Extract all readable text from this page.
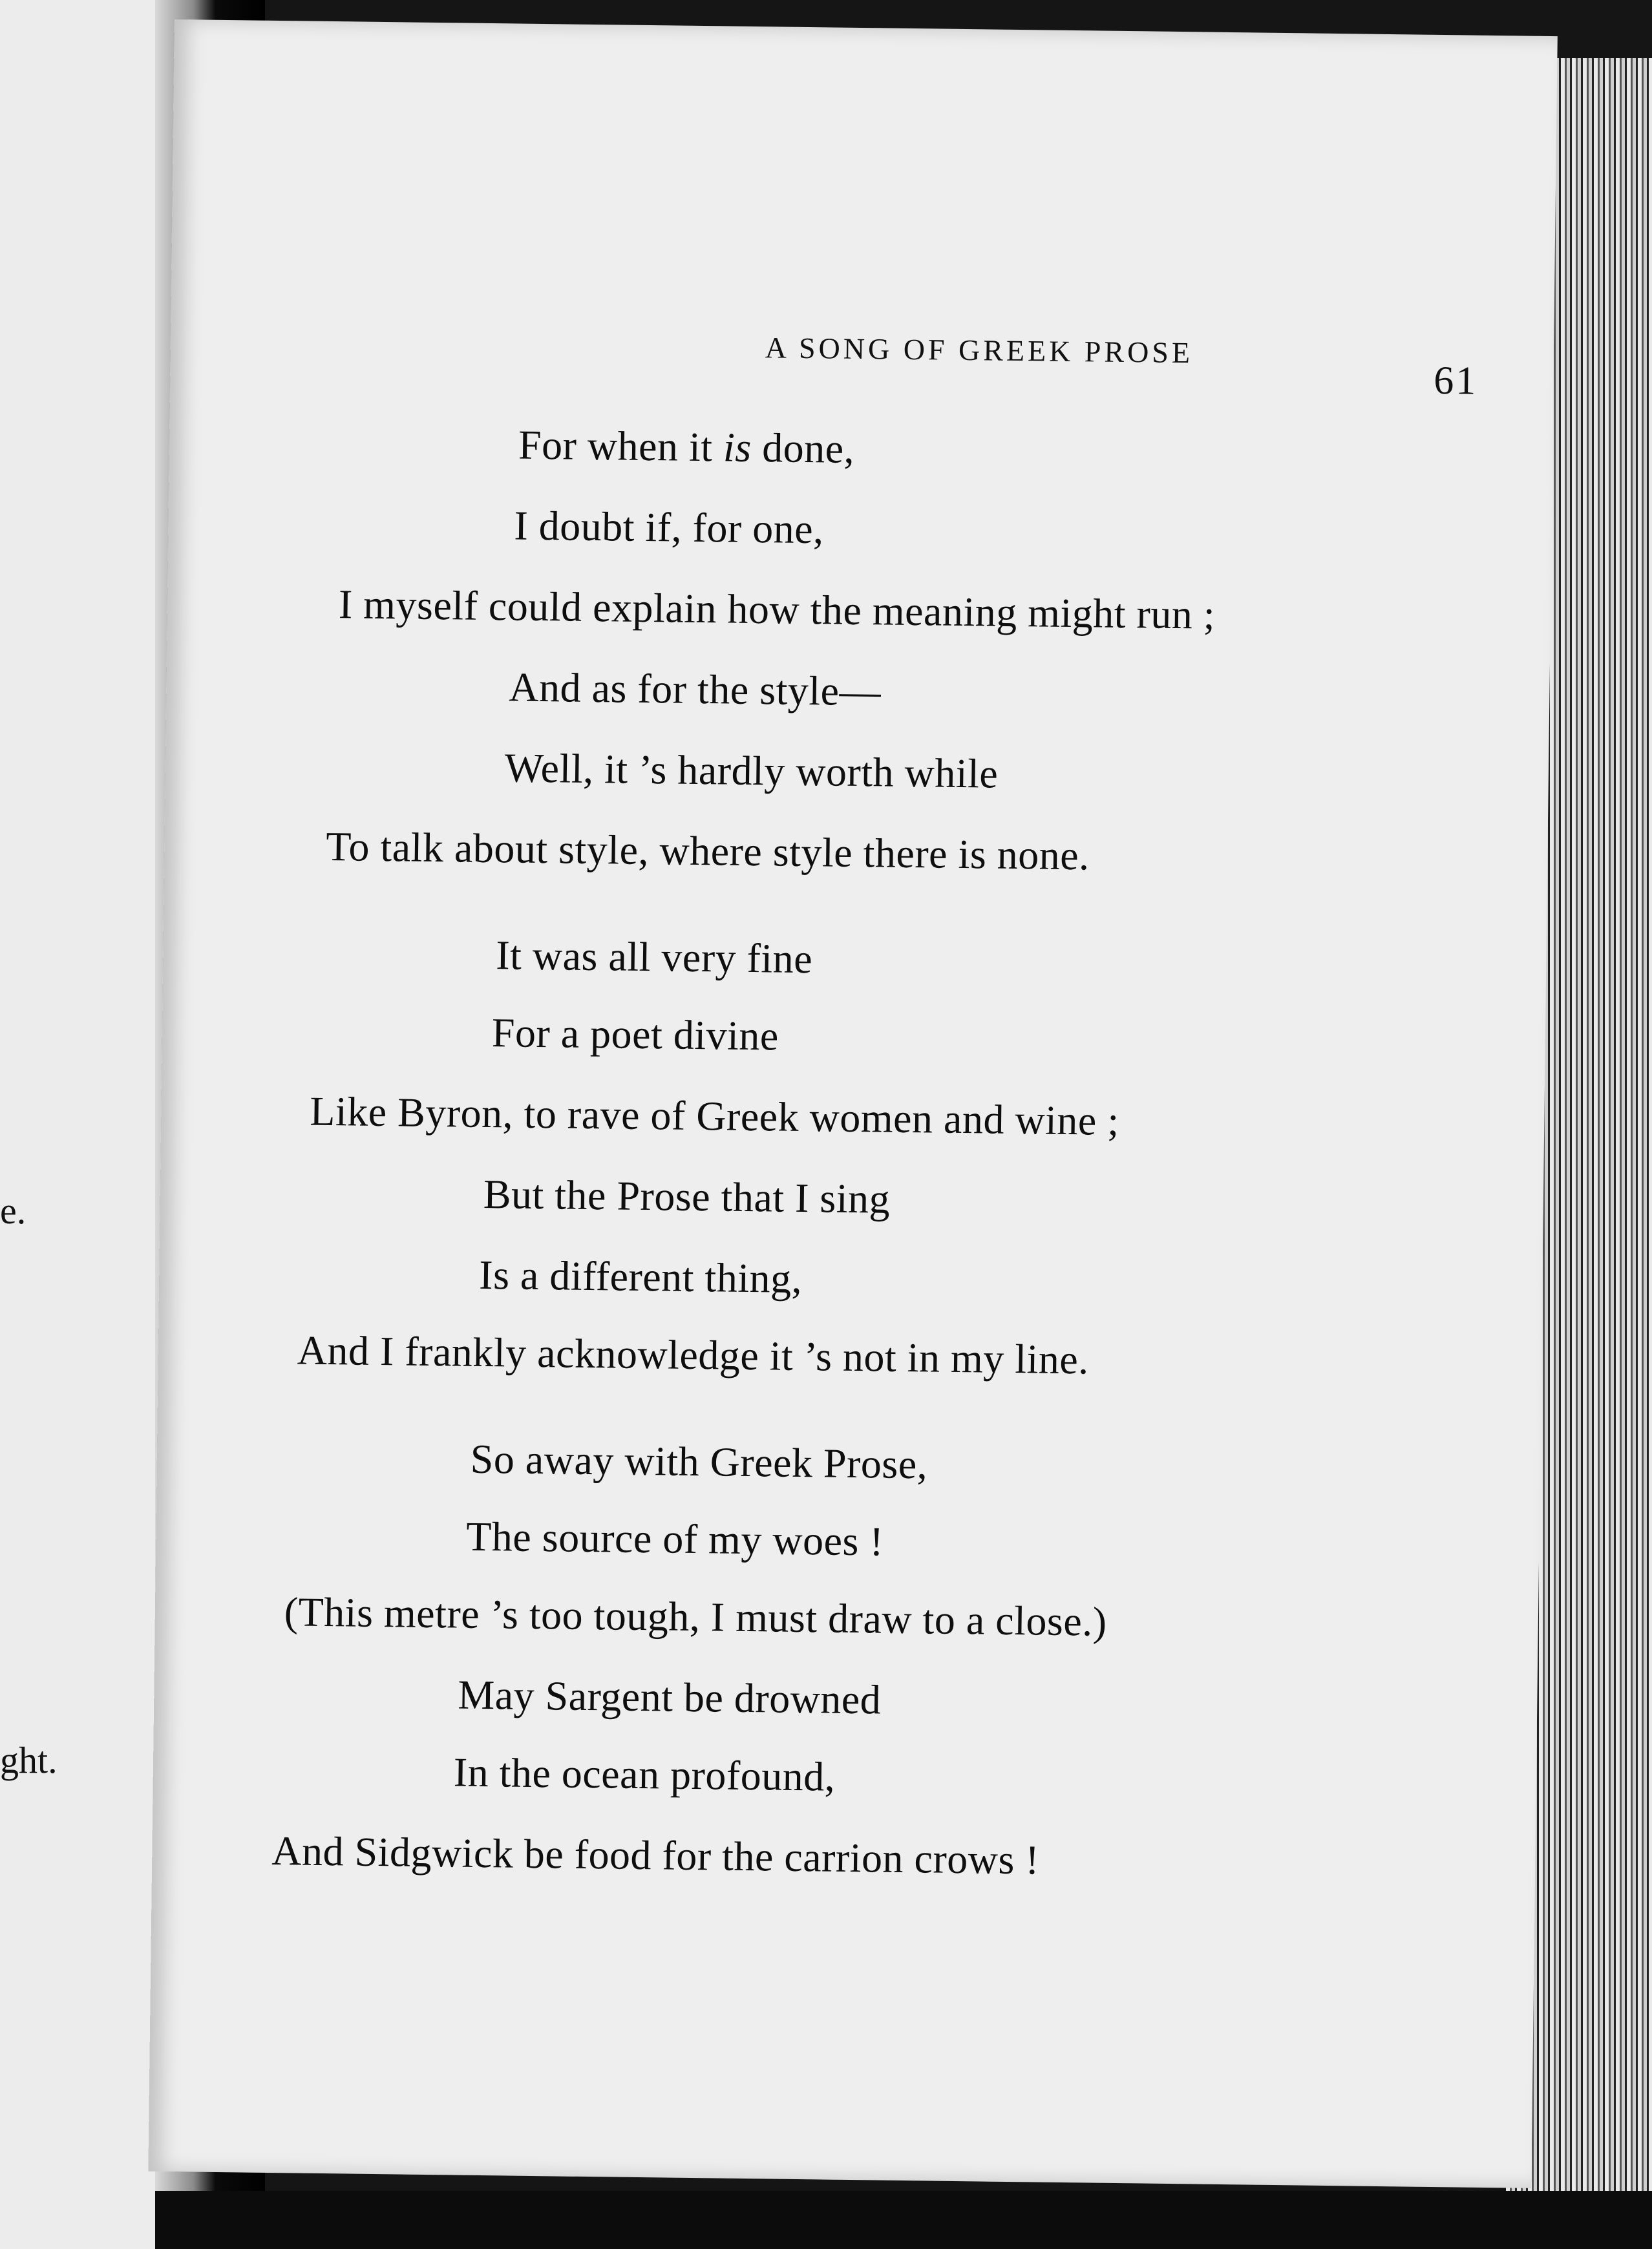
e.
ght.
A SONG OF GREEK PROSE
61
For when it is done,
I doubt if, for one,
I myself could explain how the meaning might run ;
And as for the style—
Well, it ’s hardly worth while
To talk about style, where style there is none.
It was all very fine
For a poet divine
Like Byron, to rave of Greek women and wine ;
But the Prose that I sing
Is a different thing,
And I frankly acknowledge it ’s not in my line.
So away with Greek Prose,
The source of my woes !
(This metre ’s too tough, I must draw to a close.)
May Sargent be drowned
In the ocean profound,
And Sidgwick be food for the carrion crows !
